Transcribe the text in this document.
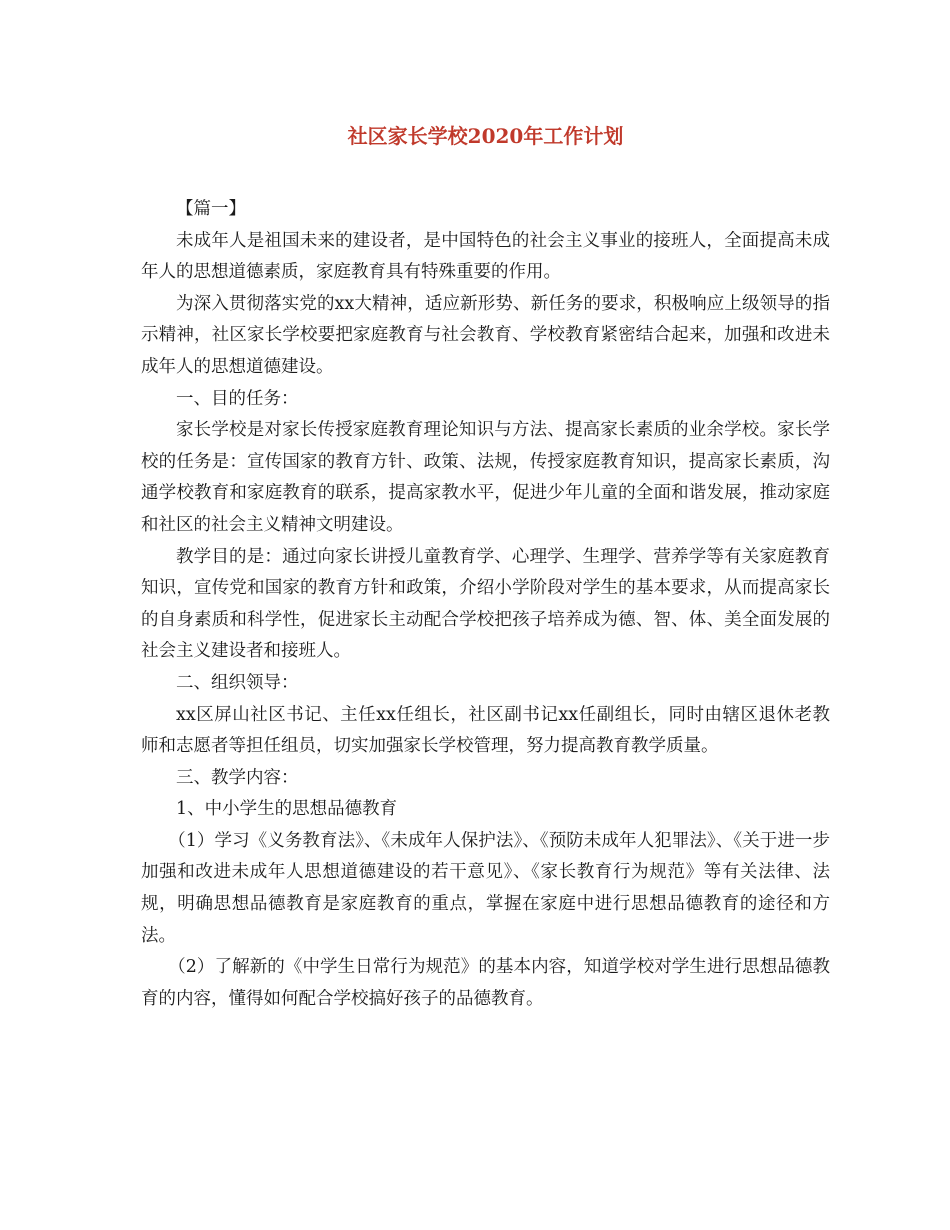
社区家长学校2020年工作计划

【篇一】

未成年人是祖国未来的建设者，是中国特色的社会主义事业的接班人，全面提高未成年人的思想道德素质，家庭教育具有特殊重要的作用。

为深入贯彻落实党的xx大精神，适应新形势、新任务的要求，积极响应上级领导的指示精神，社区家长学校要把家庭教育与社会教育、学校教育紧密结合起来，加强和改进未成年人的思想道德建设。

一、目的任务：

家长学校是对家长传授家庭教育理论知识与方法、提高家长素质的业余学校。家长学校的任务是：宣传国家的教育方针、政策、法规，传授家庭教育知识，提高家长素质，沟通学校教育和家庭教育的联系，提高家教水平，促进少年儿童的全面和谐发展，推动家庭和社区的社会主义精神文明建设。

教学目的是：通过向家长讲授儿童教育学、心理学、生理学、营养学等有关家庭教育知识，宣传党和国家的教育方针和政策，介绍小学阶段对学生的基本要求，从而提高家长的自身素质和科学性，促进家长主动配合学校把孩子培养成为德、智、体、美全面发展的社会主义建设者和接班人。

二、组织领导：

xx区屏山社区书记、主任xx任组长，社区副书记xx任副组长，同时由辖区退休老教师和志愿者等担任组员，切实加强家长学校管理，努力提高教育教学质量。

三、教学内容：

1、中小学生的思想品德教育

（1）学习《义务教育法》、《未成年人保护法》、《预防未成年人犯罪法》、《关于进一步加强和改进未成年人思想道德建设的若干意见》、《家长教育行为规范》等有关法律、法规，明确思想品德教育是家庭教育的重点，掌握在家庭中进行思想品德教育的途径和方法。

（2）了解新的《中学生日常行为规范》的基本内容，知道学校对学生进行思想品德教育的内容，懂得如何配合学校搞好孩子的品德教育。
